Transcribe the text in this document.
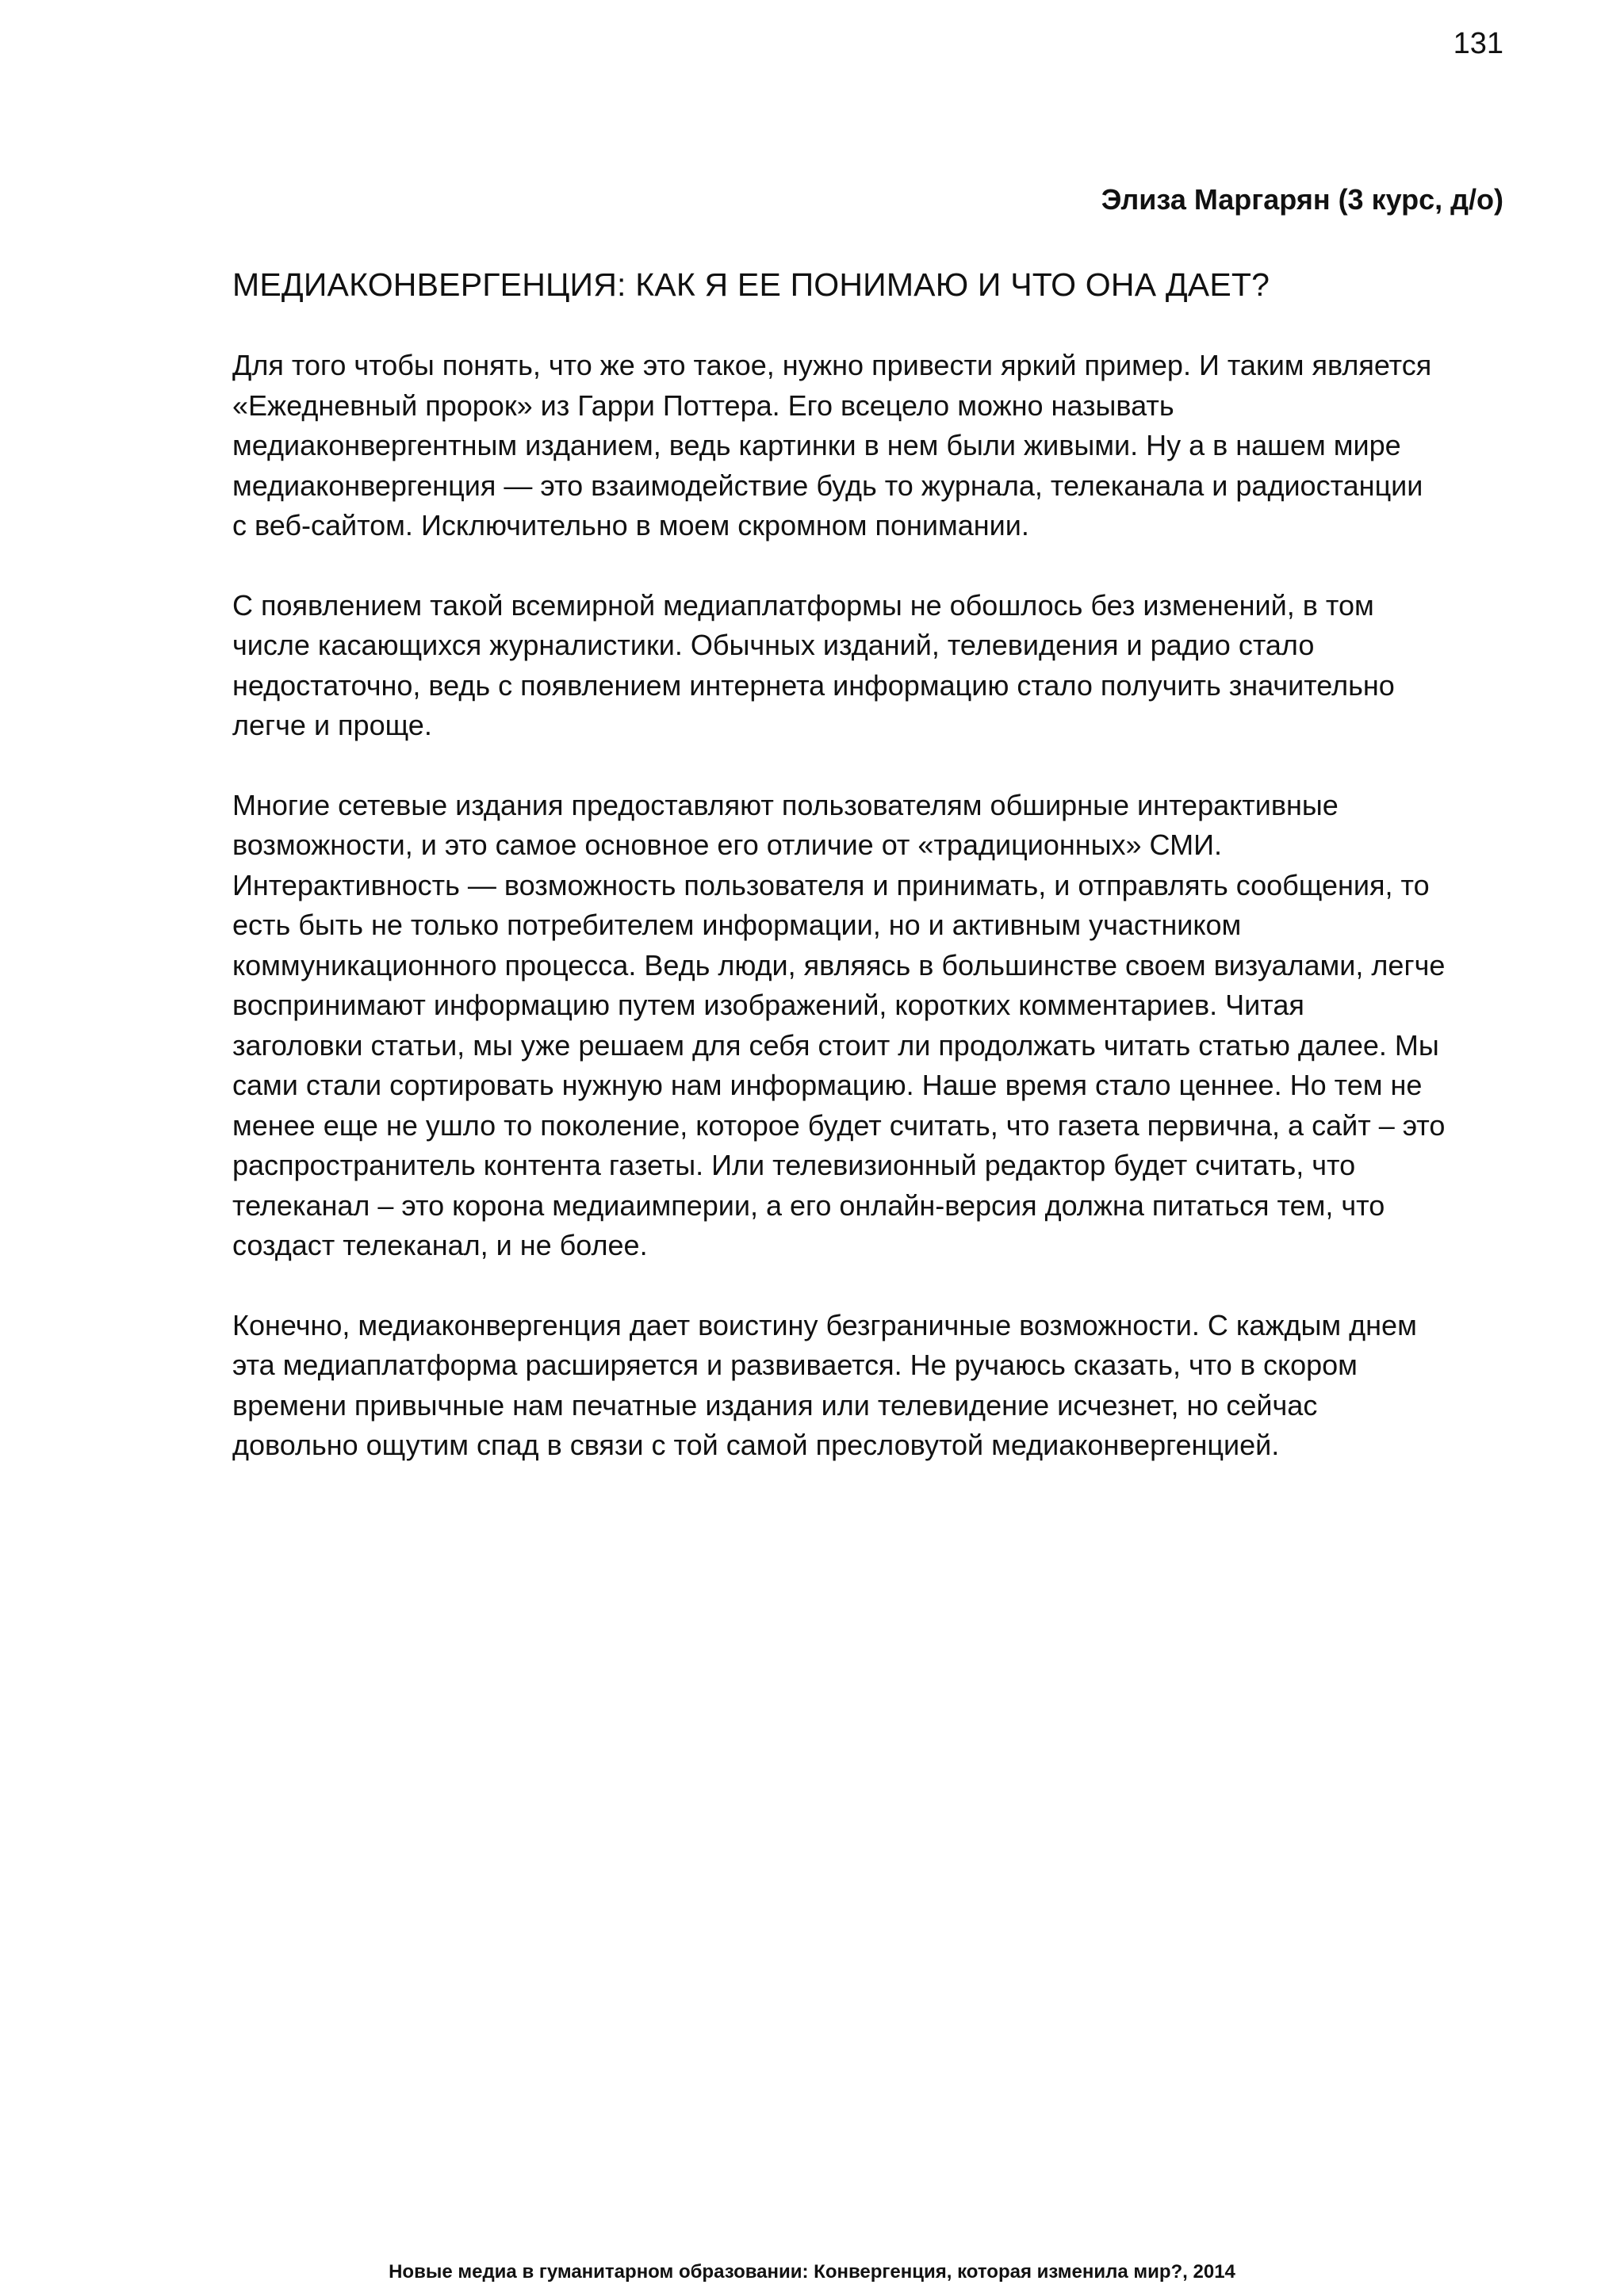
131
Элиза Маргарян (3 курс, д/о)
МЕДИАКОНВЕРГЕНЦИЯ: КАК Я ЕЕ ПОНИМАЮ И ЧТО ОНА ДАЕТ?
Для того чтобы понять, что же это такое, нужно привести яркий пример. И таким является
«Ежедневный пророк» из Гарри Поттера. Его всецело можно называть
медиаконвергентным изданием, ведь картинки в нем были живыми. Ну а в нашем мире
медиаконвергенция — это взаимодействие будь то журнала, телеканала и радиостанции
с веб-сайтом. Исключительно в моем скромном понимании.
С появлением такой всемирной медиаплатформы не обошлось без изменений, в том
числе касающихся журналистики. Обычных изданий, телевидения и радио стало
недостаточно, ведь с появлением интернета информацию стало получить значительно
легче и проще.
Многие сетевые издания предоставляют пользователям обширные интерактивные
возможности, и это самое основное его отличие от «традиционных» СМИ.
Интерактивность — возможность пользователя и принимать, и отправлять сообщения, то
есть быть не только потребителем информации, но и активным участником
коммуникационного процесса. Ведь люди, являясь в большинстве своем визуалами, легче
воспринимают информацию путем изображений, коротких комментариев. Читая
заголовки статьи, мы уже решаем для себя стоит ли продолжать читать статью далее. Мы
сами стали сортировать нужную нам информацию. Наше время стало ценнее. Но тем не
менее еще не ушло то поколение, которое будет считать, что газета первична, а сайт – это
распространитель контента газеты. Или телевизионный редактор будет считать, что
телеканал – это корона медиаимперии, а его онлайн-версия должна питаться тем, что
создаст телеканал, и не более.
Конечно, медиаконвергенция дает воистину безграничные возможности. С каждым днем
эта медиаплатформа расширяется и развивается. Не ручаюсь сказать, что в скором
времени привычные нам печатные издания или телевидение исчезнет, но сейчас
довольно ощутим спад в связи с той самой пресловутой медиаконвергенцией.
Новые медиа в гуманитарном образовании: Конвергенция, которая изменила мир?, 2014
